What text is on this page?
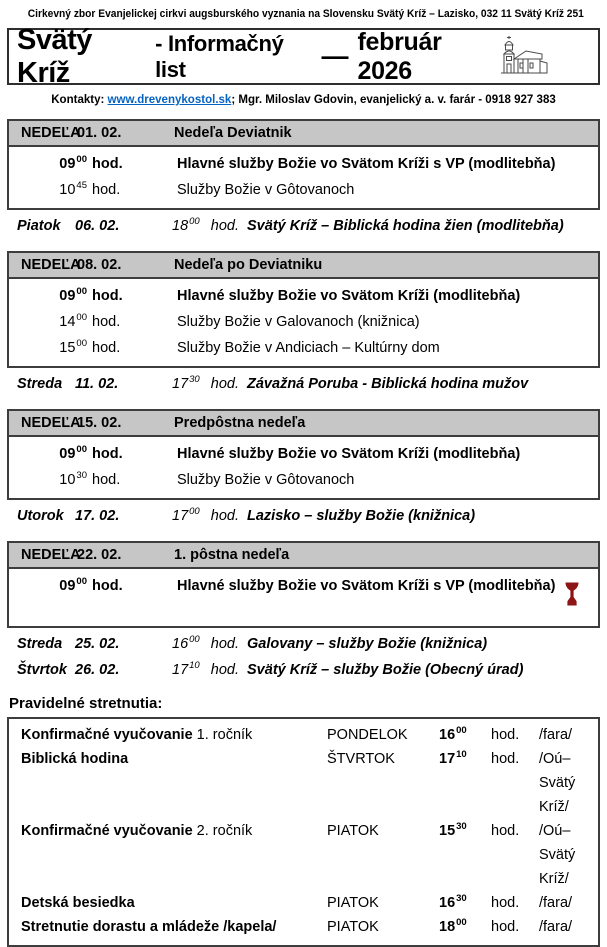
Cirkevný zbor Evanjelickej cirkvi augsburského vyznania na Slovensku Svätý Kríž – Lazisko, 032 11 Svätý Kríž 251
Svätý Kríž
- Informačný list	— február 2026
Kontakty: www.drevenykostol.sk; Mgr. Miloslav Gdovin, evanjelický a. v. farár - 0918 927 383
NEDEĽA
01. 02.	Nedeľa Deviatnik
$09^{00}$ hod.	Hlavné služby Božie vo Svätom Kríži s VP (modlitebňa)
$10^{45}$ hod.	Služby Božie v Gôtovanoch
Piatok 06. 02.	$18^{00}$ hod. Svätý Kríž – Biblická hodina žien (modlitebňa)
NEDEĽA
08. 02.	Nedeľa po Deviatniku
$09^{00}$ hod.	Hlavné služby Božie vo Svätom Kríži (modlitebňa)
$14^{00}$ hod.	Služby Božie v Galovanoch (knižnica)
$15^{00}$ hod.	Služby Božie v Andiciach – Kultúrny dom
Streda 11. 02.	$17^{30}$ hod. Závažná Poruba - Biblická hodina mužov
NEDEĽA
15. 02.	Predpôstna nedeľa
$09^{00}$ hod.	Hlavné služby Božie vo Svätom Kríži (modlitebňa)
$10^{30}$ hod.	Služby Božie v Gôtovanoch
Utorok 17. 02.	$17^{00}$ hod. Lazisko – služby Božie (knižnica)
NEDEĽA
22. 02.	1. pôstna nedeľa
$09^{00}$ hod.	Hlavné služby Božie vo Svätom Kríži s VP (modlitebňa)
Streda 25. 02.	$16^{00}$ hod. Galovany – služby Božie (knižnica)
Štvrtok 26. 02.	$17^{10}$ hod. Svätý Kríž – služby Božie (Obecný úrad)
Pravidelné stretnutia:
Konfirmačné vyučovanie 1. ročník	PONDELOK	$16^{00}$	hod.	/fara/
Biblická hodina	ŠTVRTOK	$17^{10}$	hod.	/Oú–Svätý Kríž/
Konfirmačné vyučovanie 2. ročník	PIATOK	$15^{30}$	hod.	/Oú–Svätý Kríž/
Detská besiedka	PIATOK	$16^{30}$	hod.	/fara/
Stretnutie dorastu a mládeže /kapela/	PIATOK	$18^{00}$	hod.	/fara/
